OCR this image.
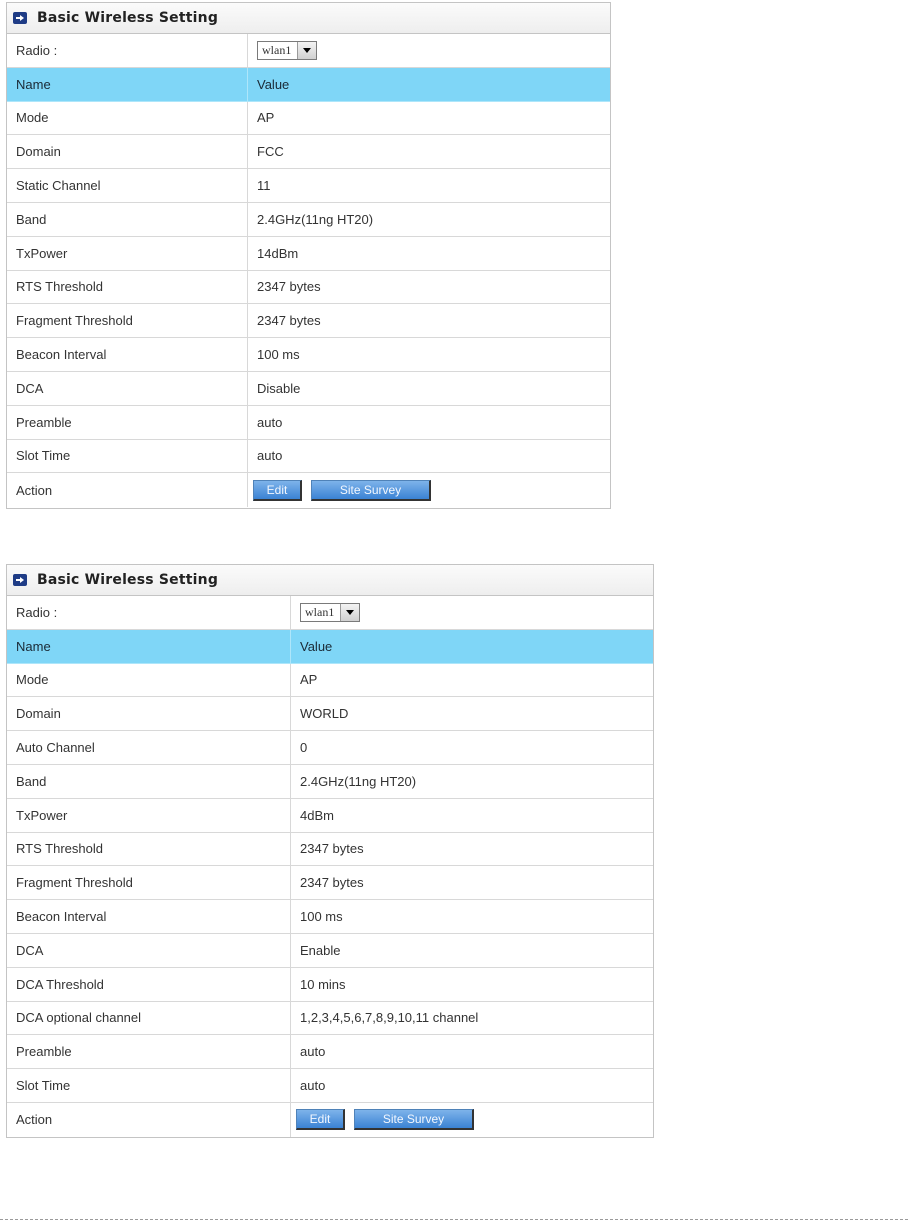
Basic Wireless Setting
Radio :	wlan1
Name	Value
Mode	AP
Domain	FCC
Static Channel	11
Band	2.4GHz(11ng HT20)
TxPower	14dBm
RTS Threshold	2347 bytes
Fragment Threshold	2347 bytes
Beacon Interval	100 ms
DCA	Disable
Preamble	auto
Slot Time	auto
Action	Edit	Site Survey
Basic Wireless Setting
Radio :	wlan1
Name	Value
Mode	AP
Domain	WORLD
Auto Channel	0
Band	2.4GHz(11ng HT20)
TxPower	4dBm
RTS Threshold	2347 bytes
Fragment Threshold	2347 bytes
Beacon Interval	100 ms
DCA	Enable
DCA Threshold	10 mins
DCA optional channel	1,2,3,4,5,6,7,8,9,10,11 channel
Preamble	auto
Slot Time	auto
Action	Edit	Site Survey
